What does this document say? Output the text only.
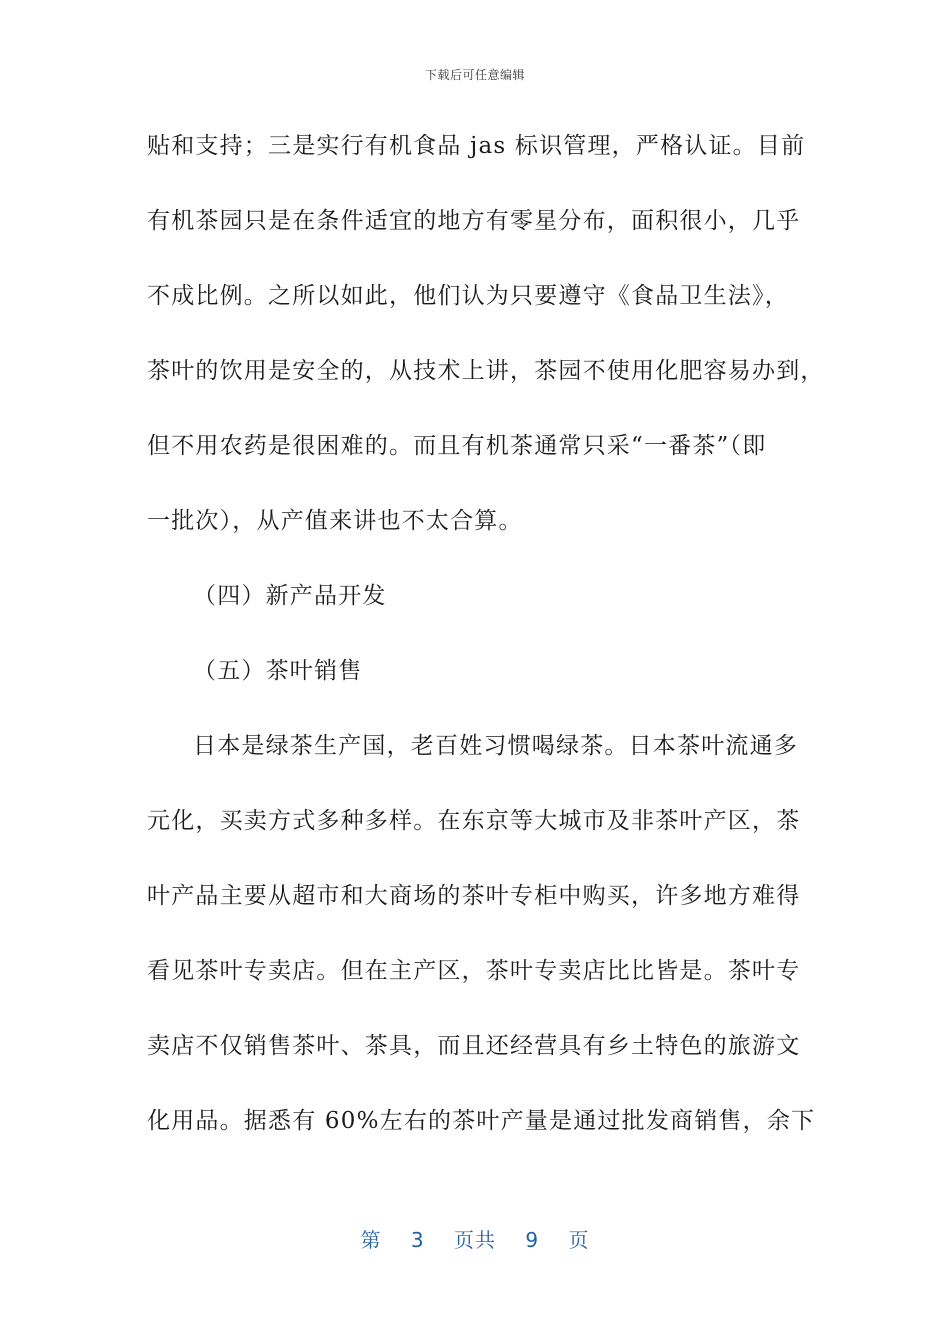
下载后可任意编辑
贴和支持；三是实行有机食品 jas 标识管理，严格认证。目前
有机茶园只是在条件适宜的地方有零星分布，面积很小，几乎
不成比例。之所以如此，他们认为只要遵守《食品卫生法》，
茶叶的饮用是安全的，从技术上讲，茶园不使用化肥容易办到，
但不用农药是很困难的。而且有机茶通常只采“一番茶”（即
一批次），从产值来讲也不太合算。
（四）新产品开发
（五）茶叶销售
日本是绿茶生产国，老百姓习惯喝绿茶。日本茶叶流通多
元化，买卖方式多种多样。在东京等大城市及非茶叶产区，茶
叶产品主要从超市和大商场的茶叶专柜中购买，许多地方难得
看见茶叶专卖店。但在主产区，茶叶专卖店比比皆是。茶叶专
卖店不仅销售茶叶、茶具，而且还经营具有乡土特色的旅游文
化用品。据悉有 60%左右的茶叶产量是通过批发商销售，余下
第 3 页共 9 页
